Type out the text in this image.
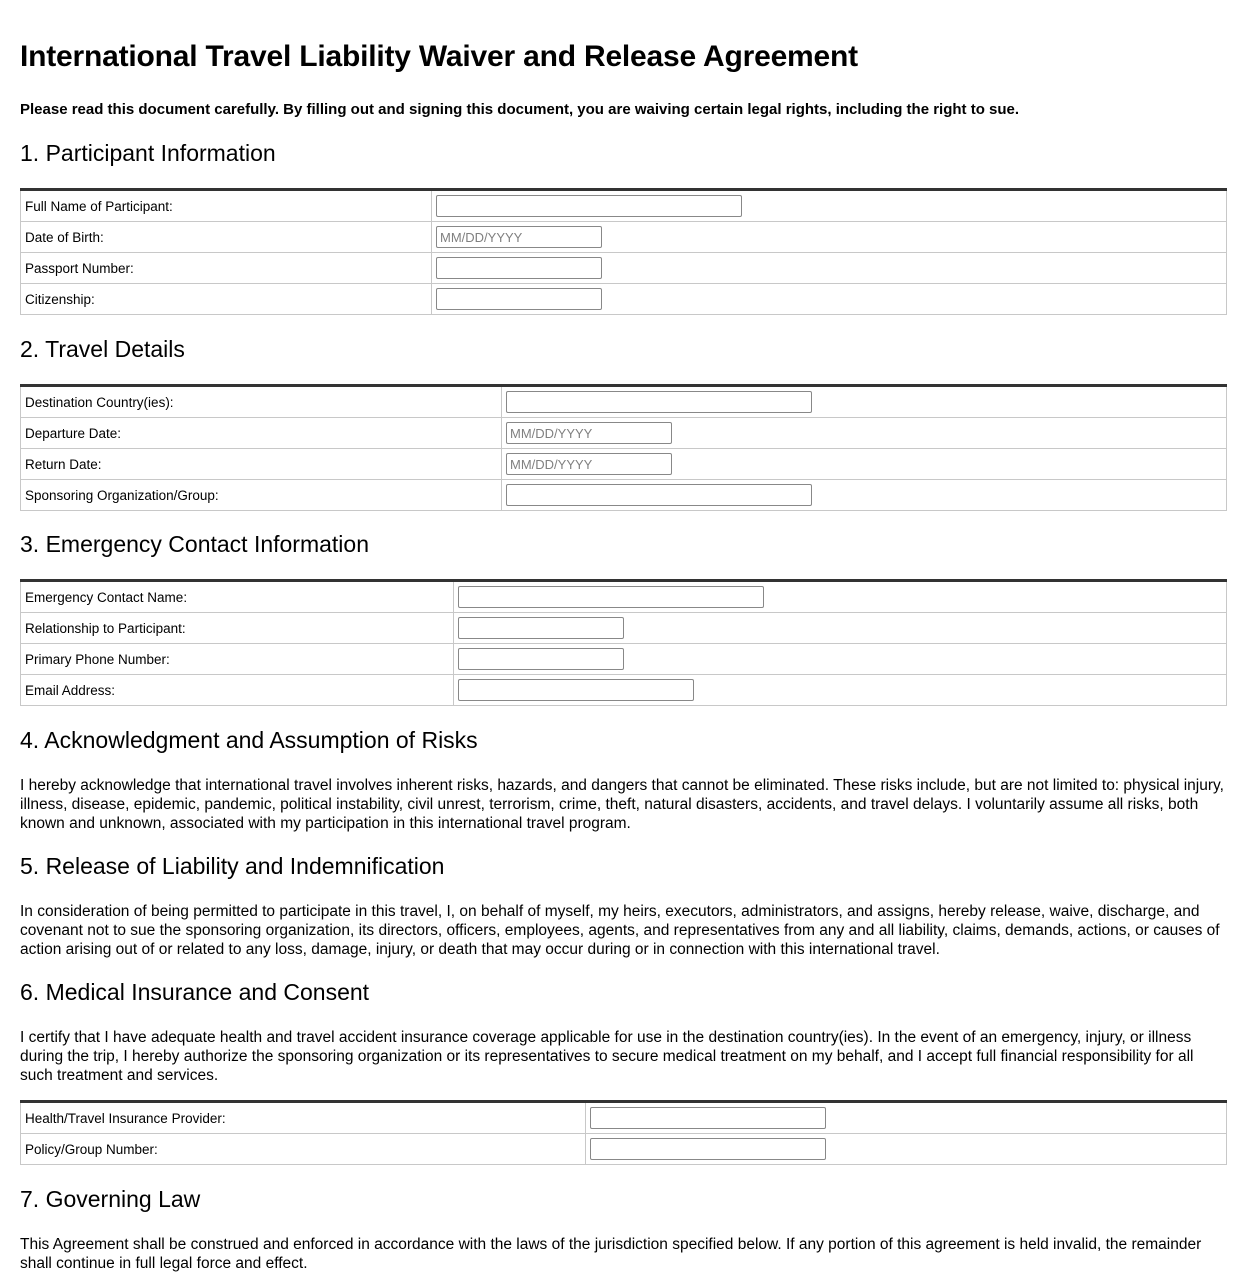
International Travel Liability Waiver and Release Agreement
Please read this document carefully. By filling out and signing this document, you are waiving certain legal rights, including the right to sue.
1. Participant Information
Full Name of Participant:	

Date of Birth:	
MM/DD/YYYY
Passport Number:	

Citizenship:	
2. Travel Details
Destination Country(ies):	

Departure Date:	
MM/DD/YYYY
Return Date:	
MM/DD/YYYY
Sponsoring Organization/Group:	
3. Emergency Contact Information
Emergency Contact Name:	

Relationship to Participant:	

Primary Phone Number:	

Email Address:	
4. Acknowledgment and Assumption of Risks
I hereby acknowledge that international travel involves inherent risks, hazards, and dangers that cannot be eliminated. These risks include, but are not limited to: physical injury, illness, disease, epidemic, pandemic, political instability, civil unrest, terrorism, crime, theft, natural disasters, accidents, and travel delays. I voluntarily assume all risks, both known and unknown, associated with my participation in this international travel program.
5. Release of Liability and Indemnification
In consideration of being permitted to participate in this travel, I, on behalf of myself, my heirs, executors, administrators, and assigns, hereby release, waive, discharge, and covenant not to sue the sponsoring organization, its directors, officers, employees, agents, and representatives from any and all liability, claims, demands, actions, or causes of action arising out of or related to any loss, damage, injury, or death that may occur during or in connection with this international travel.
6. Medical Insurance and Consent
I certify that I have adequate health and travel accident insurance coverage applicable for use in the destination country(ies). In the event of an emergency, injury, or illness during the trip, I hereby authorize the sponsoring organization or its representatives to secure medical treatment on my behalf, and I accept full financial responsibility for all such treatment and services.
Health/Travel Insurance Provider:	

Policy/Group Number:	
7. Governing Law
This Agreement shall be construed and enforced in accordance with the laws of the jurisdiction specified below. If any portion of this agreement is held invalid, the remainder shall continue in full legal force and effect.
